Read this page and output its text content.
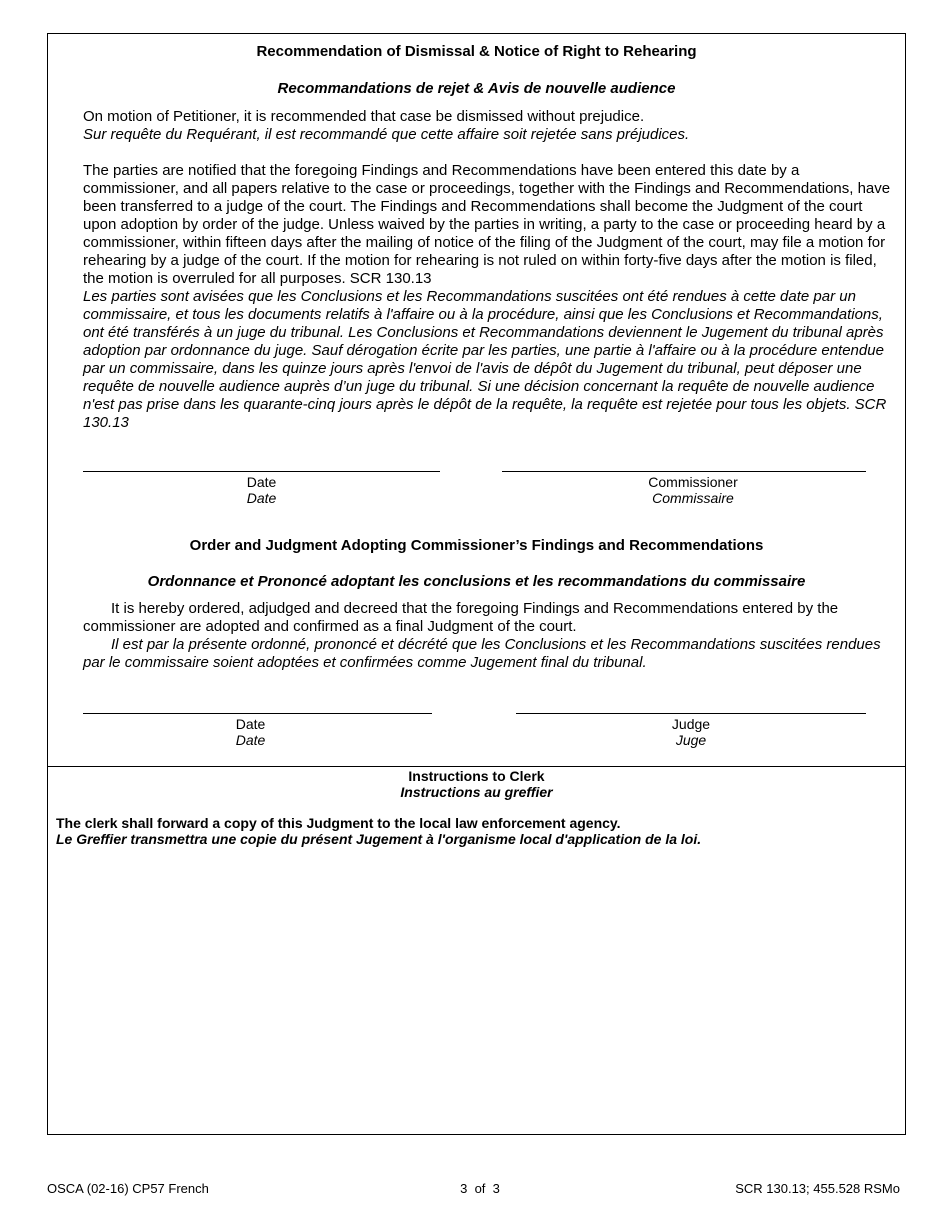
Recommendation of Dismissal & Notice of Right to Rehearing
Recommandations de rejet & Avis de nouvelle audience

On motion of Petitioner, it is recommended that case be dismissed without prejudice.

Sur requête du Requérant, il est recommandé que cette affaire soit rejetée sans préjudices.

The parties are notified that the foregoing Findings and Recommendations have been entered this date by a commissioner, and all papers relative to the case or proceedings, together with the Findings and Recommendations, have been transferred to a judge of the court. The Findings and Recommendations shall become the Judgment of the court upon adoption by order of the judge. Unless waived by the parties in writing, a party to the case or proceeding heard by a commissioner, within fifteen days after the mailing of notice of the filing of the Judgment of the court, may file a motion for rehearing by a judge of the court. If the motion for rehearing is not ruled on within forty-five days after the motion is filed, the motion is overruled for all purposes. SCR 130.13

Les parties sont avisées que les Conclusions et les Recommandations suscitées ont été rendues à cette date par un commissaire, et tous les documents relatifs à l'affaire ou à la procédure, ainsi que les Conclusions et Recommandations, ont été transférés à un juge du tribunal. Les Conclusions et Recommandations deviennent le Jugement du tribunal après adoption par ordonnance du juge. Sauf dérogation écrite par les parties, une partie à l'affaire ou à la procédure entendue par un commissaire, dans les quinze jours après l'envoi de l'avis de dépôt du Jugement du tribunal, peut déposer une requête de nouvelle audience auprès d’un juge du tribunal. Si une décision concernant la requête de nouvelle audience n'est pas prise dans les quarante-cinq jours après le dépôt de la requête, la requête est rejetée pour tous les objets. SCR 130.13

Date
Date
Commissioner
Commissaire
Order and Judgment Adopting Commissioner’s Findings and Recommendations
Ordonnance et Prononcé adoptant les conclusions et les recommandations du commissaire

It is hereby ordered, adjudged and decreed that the foregoing Findings and Recommendations entered by the commissioner are adopted and confirmed as a final Judgment of the court.

Il est par la présente ordonné, prononcé et décrété que les Conclusions et les Recommandations suscitées rendues par le commissaire soient adoptées et confirmées comme Jugement final du tribunal.

Date
Date
Judge
Juge
Instructions to Clerk
Instructions au greffier
The clerk shall forward a copy of this Judgment to the local law enforcement agency.
Le Greffier transmettra une copie du présent Jugement à l'organisme local d'application de la loi.
OSCA (02-16) CP57 French	3  of  3	SCR 130.13; 455.528 RSMo
